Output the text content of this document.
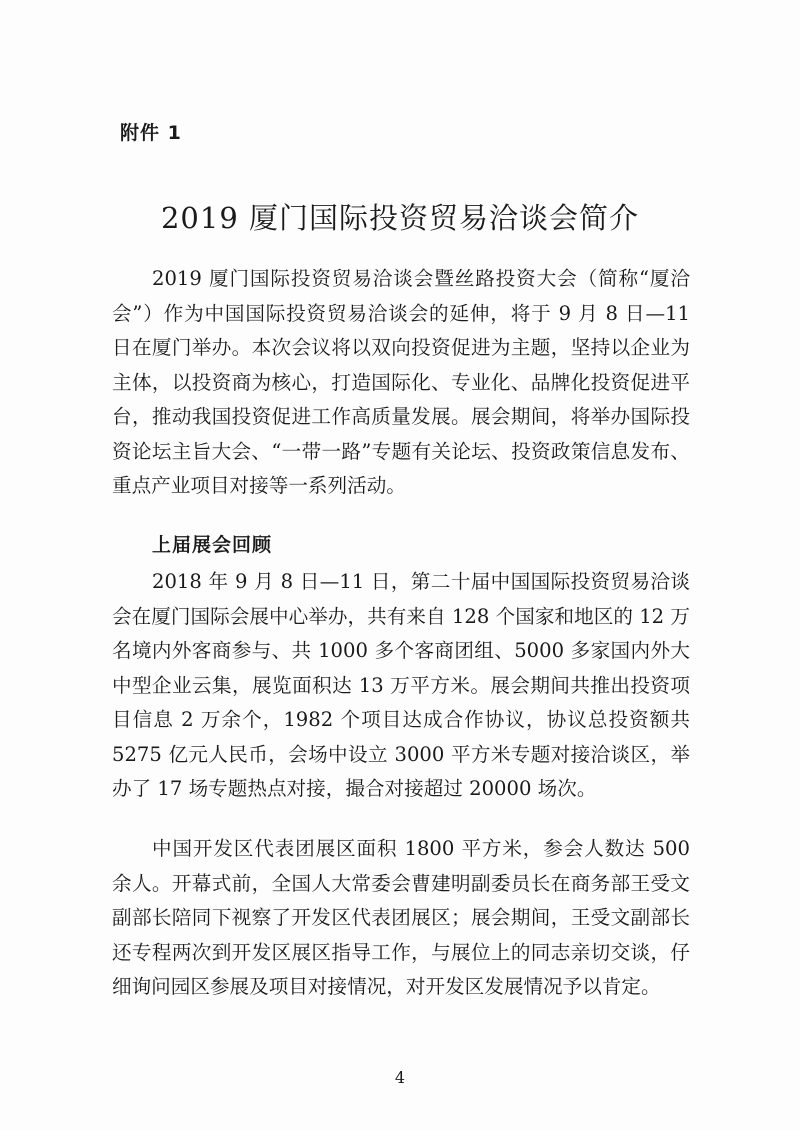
附件 1
2019 厦门国际投资贸易洽谈会简介

2019 厦门国际投资贸易洽谈会暨丝路投资大会（简称“厦洽会”）作为中国国际投资贸易洽谈会的延伸，将于 9 月 8 日—11 日在厦门举办。本次会议将以双向投资促进为主题，坚持以企业为主体，以投资商为核心，打造国际化、专业化、品牌化投资促进平台，推动我国投资促进工作高质量发展。展会期间，将举办国际投资论坛主旨大会、“一带一路”专题有关论坛、投资政策信息发布、重点产业项目对接等一系列活动。

上届展会回顾

2018 年 9 月 8 日—11 日，第二十届中国国际投资贸易洽谈会在厦门国际会展中心举办，共有来自 128 个国家和地区的 12 万名境内外客商参与、共 1000 多个客商团组、5000 多家国内外大中型企业云集，展览面积达 13 万平方米。展会期间共推出投资项目信息 2 万余个，1982 个项目达成合作协议，协议总投资额共 5275 亿元人民币，会场中设立 3000 平方米专题对接洽谈区，举办了 17 场专题热点对接，撮合对接超过 20000 场次。

中国开发区代表团展区面积 1800 平方米，参会人数达 500 余人。开幕式前，全国人大常委会曹建明副委员长在商务部王受文副部长陪同下视察了开发区代表团展区；展会期间，王受文副部长还专程两次到开发区展区指导工作，与展位上的同志亲切交谈，仔细询问园区参展及项目对接情况，对开发区发展情况予以肯定。

4
